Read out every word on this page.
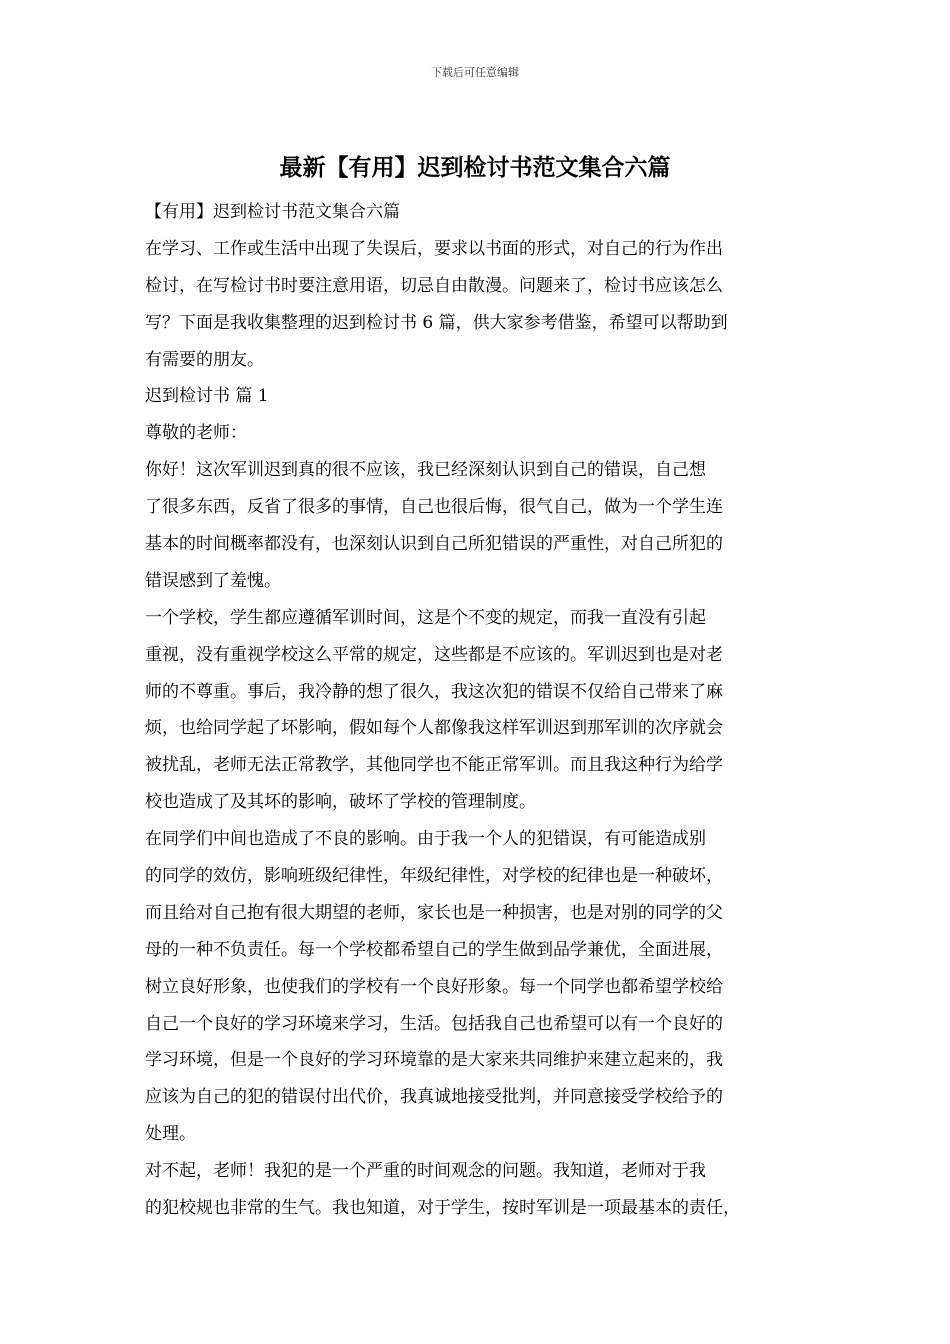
下载后可任意编辑
最新【有用】迟到检讨书范文集合六篇
【有用】迟到检讨书范文集合六篇
在学习、工作或生活中出现了失误后，要求以书面的形式，对自己的行为作出
检讨，在写检讨书时要注意用语，切忌自由散漫。问题来了，检讨书应该怎么
写？下面是我收集整理的迟到检讨书 6 篇，供大家参考借鉴，希望可以帮助到
有需要的朋友。
迟到检讨书 篇 1
尊敬的老师：
你好！这次军训迟到真的很不应该，我已经深刻认识到自己的错误，自己想
了很多东西，反省了很多的事情，自己也很后悔，很气自己，做为一个学生连
基本的时间概率都没有，也深刻认识到自己所犯错误的严重性，对自己所犯的
错误感到了羞愧。
一个学校，学生都应遵循军训时间，这是个不变的规定，而我一直没有引起
重视，没有重视学校这么平常的规定，这些都是不应该的。军训迟到也是对老
师的不尊重。事后，我冷静的想了很久，我这次犯的错误不仅给自己带来了麻
烦，也给同学起了坏影响，假如每个人都像我这样军训迟到那军训的次序就会
被扰乱，老师无法正常教学，其他同学也不能正常军训。而且我这种行为给学
校也造成了及其坏的影响，破坏了学校的管理制度。
在同学们中间也造成了不良的影响。由于我一个人的犯错误，有可能造成别
的同学的效仿，影响班级纪律性，年级纪律性，对学校的纪律也是一种破坏，
而且给对自己抱有很大期望的老师，家长也是一种损害，也是对别的同学的父
母的一种不负责任。每一个学校都希望自己的学生做到品学兼优，全面进展，
树立良好形象，也使我们的学校有一个良好形象。每一个同学也都希望学校给
自己一个良好的学习环境来学习，生活。包括我自己也希望可以有一个良好的
学习环境，但是一个良好的学习环境靠的是大家来共同维护来建立起来的，我
应该为自己的犯的错误付出代价，我真诚地接受批判，并同意接受学校给予的
处理。
对不起，老师！我犯的是一个严重的时间观念的问题。我知道，老师对于我
的犯校规也非常的生气。我也知道，对于学生，按时军训是一项最基本的责任，
